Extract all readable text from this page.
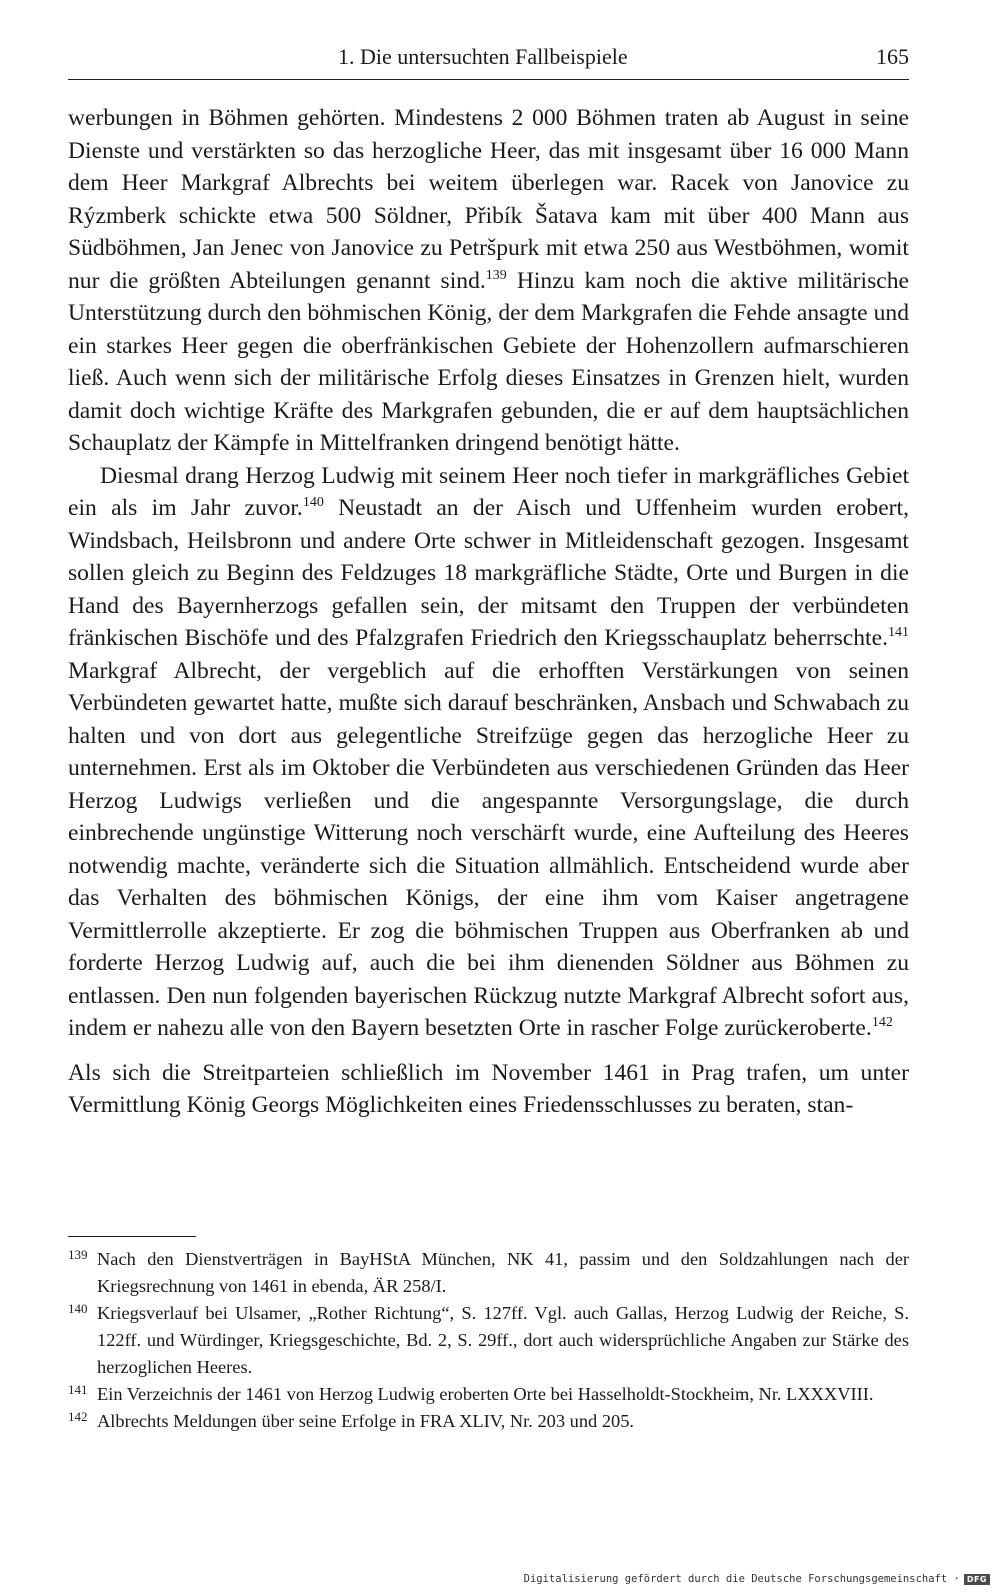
1. Die untersuchten Fallbeispiele	165

werbungen in Böhmen gehörten. Mindestens 2 000 Böhmen traten ab August in seine Dienste und verstärkten so das herzogliche Heer, das mit insgesamt über 16 000 Mann dem Heer Markgraf Albrechts bei weitem überlegen war. Racek von Janovice zu Rýzmberk schickte etwa 500 Söldner, Přibík Šatava kam mit über 400 Mann aus Südböhmen, Jan Jenec von Janovice zu Petršpurk mit etwa 250 aus Westböhmen, womit nur die größten Abteilungen genannt sind.$^{139}$ Hinzu kam noch die aktive militärische Unterstützung durch den böhmischen König, der dem Markgrafen die Fehde ansagte und ein starkes Heer gegen die oberfränkischen Gebiete der Hohenzollern aufmarschieren ließ. Auch wenn sich der militärische Erfolg dieses Einsatzes in Grenzen hielt, wurden damit doch wichtige Kräfte des Markgrafen gebunden, die er auf dem hauptsächlichen Schauplatz der Kämpfe in Mittelfranken dringend benötigt hätte.

Diesmal drang Herzog Ludwig mit seinem Heer noch tiefer in markgräfliches Gebiet ein als im Jahr zuvor.$^{140}$ Neustadt an der Aisch und Uffenheim wurden erobert, Windsbach, Heilsbronn und andere Orte schwer in Mitleidenschaft gezogen. Insgesamt sollen gleich zu Beginn des Feldzuges 18 markgräfliche Städte, Orte und Burgen in die Hand des Bayernherzogs gefallen sein, der mitsamt den Truppen der verbündeten fränkischen Bischöfe und des Pfalzgrafen Friedrich den Kriegsschauplatz beherrschte.$^{141}$ Markgraf Albrecht, der vergeblich auf die erhofften Verstärkungen von seinen Verbündeten gewartet hatte, mußte sich darauf beschränken, Ansbach und Schwabach zu halten und von dort aus gelegentliche Streifzüge gegen das herzogliche Heer zu unternehmen. Erst als im Oktober die Verbündeten aus verschiedenen Gründen das Heer Herzog Ludwigs verließen und die angespannte Versorgungslage, die durch einbrechende ungünstige Witterung noch verschärft wurde, eine Aufteilung des Heeres notwendig machte, veränderte sich die Situation allmählich. Entscheidend wurde aber das Verhalten des böhmischen Königs, der eine ihm vom Kaiser angetragene Vermittlerrolle akzeptierte. Er zog die böhmischen Truppen aus Oberfranken ab und forderte Herzog Ludwig auf, auch die bei ihm dienenden Söldner aus Böhmen zu entlassen. Den nun folgenden bayerischen Rückzug nutzte Markgraf Albrecht sofort aus, indem er nahezu alle von den Bayern besetzten Orte in rascher Folge zurückeroberte.$^{142}$

Als sich die Streitparteien schließlich im November 1461 in Prag trafen, um unter Vermittlung König Georgs Möglichkeiten eines Friedensschlusses zu beraten, stan-

139 Nach den Dienstverträgen in BayHStA München, NK 41, passim und den Soldzahlungen nach der Kriegsrechnung von 1461 in ebenda, ÄR 258/I.

140 Kriegsverlauf bei Ulsamer, „Rother Richtung“, S. 127ff. Vgl. auch Gallas, Herzog Ludwig der Reiche, S. 122ff. und Würdinger, Kriegsgeschichte, Bd. 2, S. 29ff., dort auch widersprüchliche Angaben zur Stärke des herzoglichen Heeres.

141 Ein Verzeichnis der 1461 von Herzog Ludwig eroberten Orte bei Hasselholdt-Stockheim, Nr. LXXXVIII.

142 Albrechts Meldungen über seine Erfolge in FRA XLIV, Nr. 203 und 205.

Digitalisierung gefördert durch die Deutsche Forschungsgemeinschaft · DFG
